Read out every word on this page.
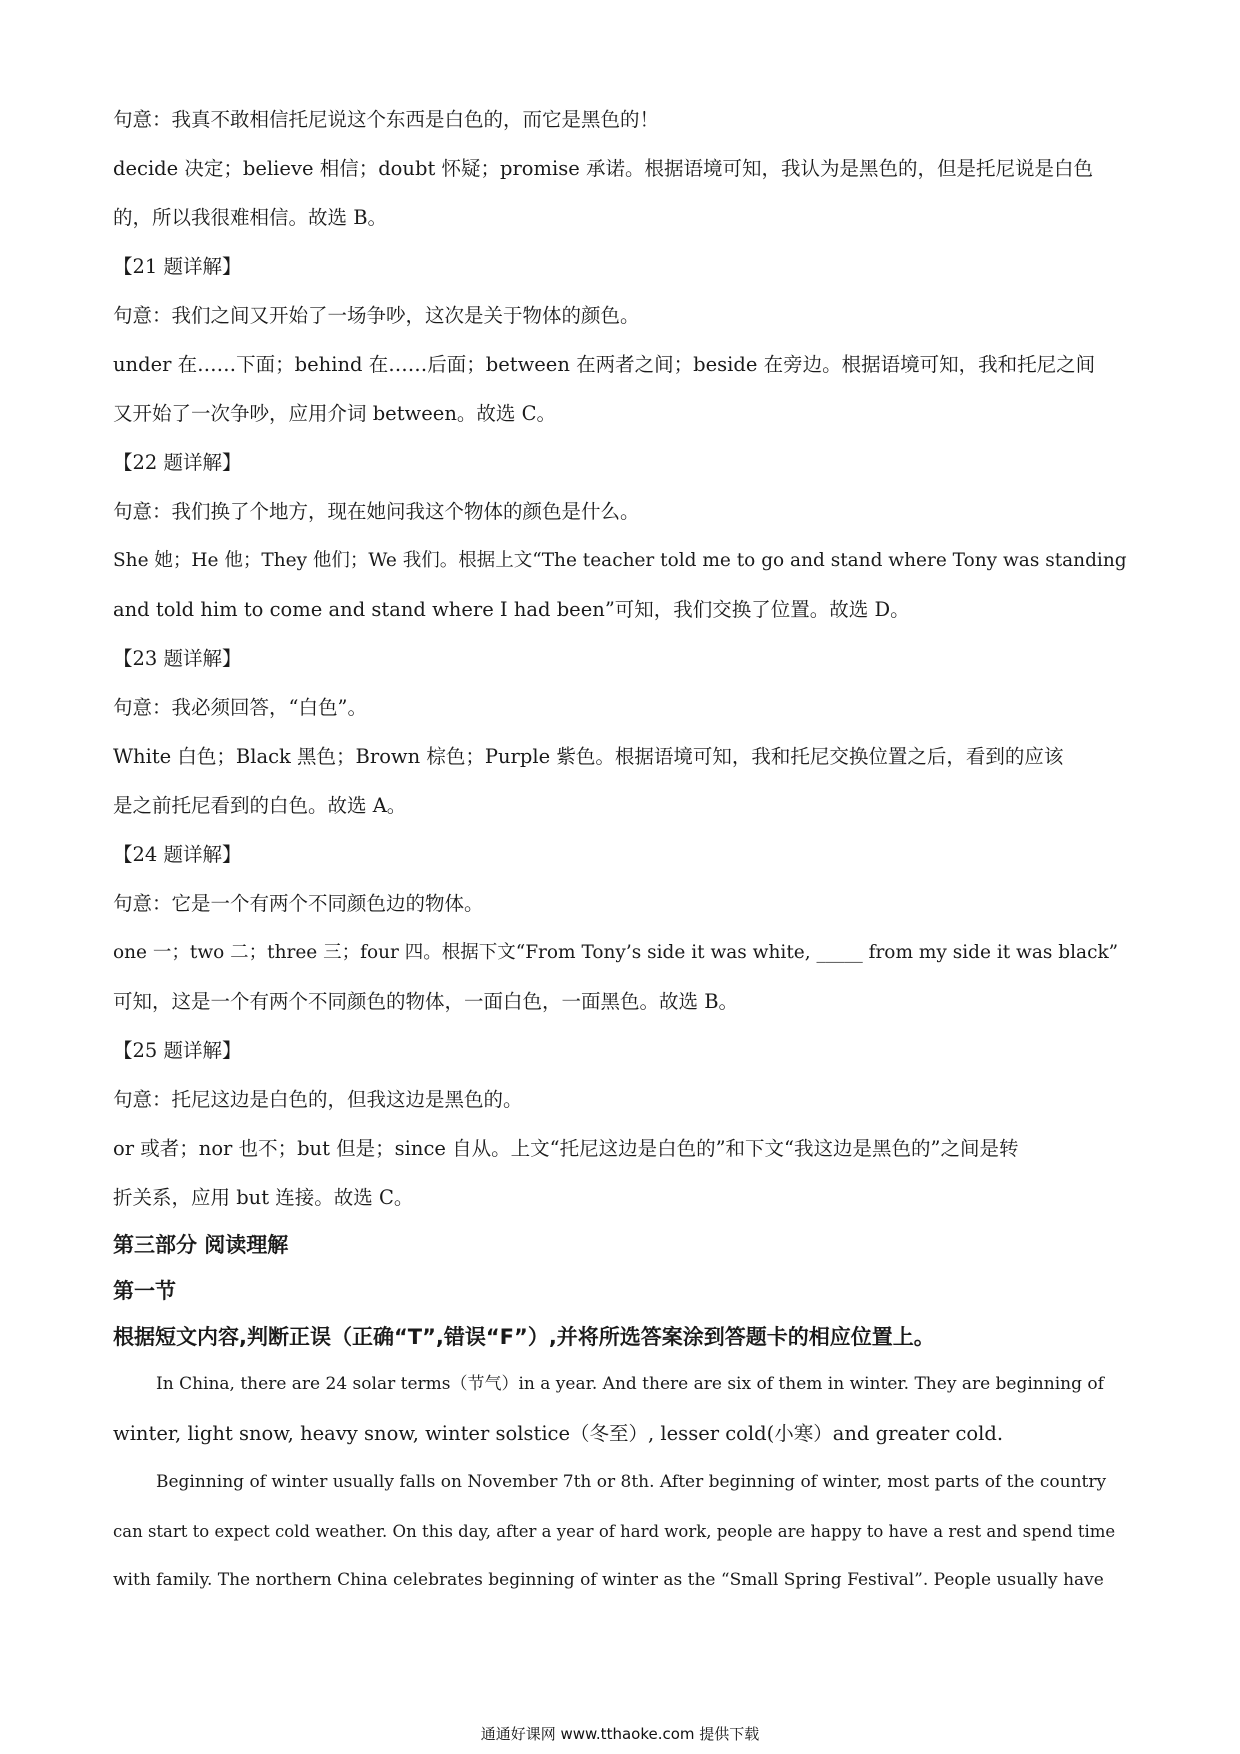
句意：我真不敢相信托尼说这个东西是白色的，而它是黑色的！
decide 决定；believe 相信；doubt 怀疑；promise 承诺。根据语境可知，我认为是黑色的，但是托尼说是白色
的，所以我很难相信。故选 B。
【21 题详解】
句意：我们之间又开始了一场争吵，这次是关于物体的颜色。
under 在……下面；behind 在……后面；between 在两者之间；beside 在旁边。根据语境可知，我和托尼之间
又开始了一次争吵，应用介词 between。故选 C。
【22 题详解】
句意：我们换了个地方，现在她问我这个物体的颜色是什么。
She 她；He 他；They 他们；We 我们。根据上文“The teacher told me to go and stand where Tony was standing
and told him to come and stand where I had been”可知，我们交换了位置。故选 D。
【23 题详解】
句意：我必须回答，“白色”。
White 白色；Black 黑色；Brown 棕色；Purple 紫色。根据语境可知，我和托尼交换位置之后，看到的应该
是之前托尼看到的白色。故选 A。
【24 题详解】
句意：它是一个有两个不同颜色边的物体。
one 一；two 二；three 三；four 四。根据下文“From Tony’s side it was white, _____ from my side it was black”
可知，这是一个有两个不同颜色的物体，一面白色，一面黑色。故选 B。
【25 题详解】
句意：托尼这边是白色的，但我这边是黑色的。
or 或者；nor 也不；but 但是；since 自从。上文“托尼这边是白色的”和下文“我这边是黑色的”之间是转
折关系，应用 but 连接。故选 C。
第三部分 阅读理解
第一节
根据短文内容,判断正误（正确“T”,错误“F”）,并将所选答案涂到答题卡的相应位置上。
In China, there are 24 solar terms（节气）in a year. And there are six of them in winter. They are beginning of
winter, light snow, heavy snow, winter solstice（冬至）, lesser cold(小寒）and greater cold.
Beginning of winter usually falls on November 7th or 8th. After beginning of winter, most parts of the country
can start to expect cold weather. On this day, after a year of hard work, people are happy to have a rest and spend time
with family. The northern China celebrates beginning of winter as the “Small Spring Festival”. People usually have
通通好课网 www.tthaoke.com 提供下载
